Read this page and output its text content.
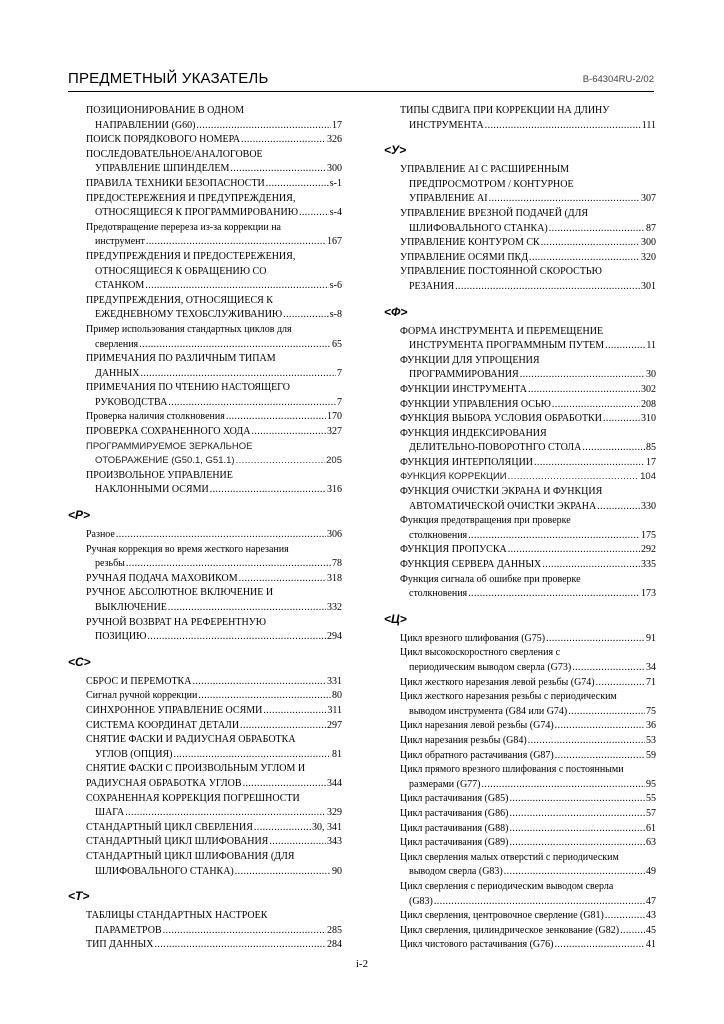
ПРЕДМЕТНЫЙ УКАЗАТЕЛЬ	B-64304RU-2/02
ПОЗИЦИОНИРОВАНИЕ В ОДНОМ
НАПРАВЛЕНИИ (G60) .....	17
ПОИСК ПОРЯДКОВОГО НОМЕРА .....	326
ПОСЛЕДОВАТЕЛЬНОЕ/АНАЛОГОВОЕ
УПРАВЛЕНИЕ ШПИНДЕЛЕМ .....	300
ПРАВИЛА ТЕХНИКИ БЕЗОПАСНОСТИ .....	s-1
ПРЕДОСТЕРЕЖЕНИЯ И ПРЕДУПРЕЖДЕНИЯ,
ОТНОСЯЩИЕСЯ К ПРОГРАММИРОВАНИЮ .....	s-4
Предотвращение перереза из-за коррекции на
инструмент .....	167
ПРЕДУПРЕЖДЕНИЯ И ПРЕДОСТЕРЕЖЕНИЯ,
ОТНОСЯЩИЕСЯ К ОБРАЩЕНИЮ СО
СТАНКОМ .....	s-6
ПРЕДУПРЕЖДЕНИЯ, ОТНОСЯЩИЕСЯ К
ЕЖЕДНЕВНОМУ ТЕХОБСЛУЖИВАНИЮ .....	s-8
Пример использования стандартных циклов для
сверления .....	65
ПРИМЕЧАНИЯ ПО РАЗЛИЧНЫМ ТИПАМ
ДАННЫХ .....	7
ПРИМЕЧАНИЯ ПО ЧТЕНИЮ НАСТОЯЩЕГО
РУКОВОДСТВА .....	7
Проверка наличия столкновения .....	170
ПРОВЕРКА СОХРАНЕННОГО ХОДА .....	327
ПРОГРАММИРУЕМОЕ ЗЕРКАЛЬНОЕ
ОТОБРАЖЕНИЕ (G50.1, G51.1) .....	205
ПРОИЗВОЛЬНОЕ УПРАВЛЕНИЕ
НАКЛОННЫМИ ОСЯМИ .....	316
<Р>
Разное .....	306
Ручная коррекция во время жесткого нарезания
резьбы .....	78
РУЧНАЯ ПОДАЧА МАХОВИКОМ .....	318
РУЧНОЕ АБСОЛЮТНОЕ ВКЛЮЧЕНИЕ И
ВЫКЛЮЧЕНИЕ .....	332
РУЧНОЙ ВОЗВРАТ НА РЕФЕРЕНТНУЮ
ПОЗИЦИЮ .....	294
<С>
СБРОС И ПЕРЕМОТКА .....	331
Сигнал ручной коррекции .....	80
СИНХРОННОЕ УПРАВЛЕНИЕ ОСЯМИ .....	311
СИСТЕМА КООРДИНАТ ДЕТАЛИ .....	297
СНЯТИЕ ФАСКИ И РАДИУСНАЯ ОБРАБОТКА
УГЛОВ (ОПЦИЯ) .....	81
СНЯТИЕ ФАСКИ С ПРОИЗВОЛЬНЫМ УГЛОМ И
РАДИУСНАЯ ОБРАБОТКА УГЛОВ .....	344
СОХРАНЕННАЯ КОРРЕКЦИЯ ПОГРЕШНОСТИ
ШАГА .....	329
СТАНДАРТНЫЙ ЦИКЛ СВЕРЛЕНИЯ .....	30, 341
СТАНДАРТНЫЙ ЦИКЛ ШЛИФОВАНИЯ .....	343
СТАНДАРТНЫЙ ЦИКЛ ШЛИФОВАНИЯ (ДЛЯ
ШЛИФОВАЛЬНОГО СТАНКА) .....	90
<Т>
ТАБЛИЦЫ СТАНДАРТНЫХ НАСТРОЕК
ПАРАМЕТРОВ .....	285
ТИП ДАННЫХ .....	284
ТИПЫ СДВИГА ПРИ КОРРЕКЦИИ НА ДЛИНУ
ИНСТРУМЕНТА .....	111
<У>
УПРАВЛЕНИЕ AI С РАСШИРЕННЫМ
ПРЕДПРОСМОТРОМ / КОНТУРНОЕ
УПРАВЛЕНИЕ AI .....	307
УПРАВЛЕНИЕ ВРЕЗНОЙ ПОДАЧЕЙ (ДЛЯ
ШЛИФОВАЛЬНОГО СТАНКА) .....	87
УПРАВЛЕНИЕ КОНТУРОМ СК .....	300
УПРАВЛЕНИЕ ОСЯМИ ПКД .....	320
УПРАВЛЕНИЕ ПОСТОЯННОЙ СКОРОСТЬЮ
РЕЗАНИЯ .....	301
<Ф>
ФОРМА ИНСТРУМЕНТА И ПЕРЕМЕЩЕНИЕ
ИНСТРУМЕНТА ПРОГРАММНЫМ ПУТЕМ .....	11
ФУНКЦИИ ДЛЯ УПРОЩЕНИЯ
ПРОГРАММИРОВАНИЯ .....	30
ФУНКЦИИ ИНСТРУМЕНТА .....	302
ФУНКЦИИ УПРАВЛЕНИЯ ОСЬЮ .....	208
ФУНКЦИЯ ВЫБОРА УСЛОВИЯ ОБРАБОТКИ .....	310
ФУНКЦИЯ ИНДЕКСИРОВАНИЯ
ДЕЛИТЕЛЬНО-ПОВОРОТНГО СТОЛА .....	85
ФУНКЦИЯ ИНТЕРПОЛЯЦИИ .....	17
ФУНКЦИЯ КОРРЕКЦИИ .....	104
ФУНКЦИЯ ОЧИСТКИ ЭКРАНА И ФУНКЦИЯ
АВТОМАТИЧЕСКОЙ ОЧИСТКИ ЭКРАНА .....	330
Функция предотвращения при проверке
столкновения .....	175
ФУНКЦИЯ ПРОПУСКА .....	292
ФУНКЦИЯ СЕРВЕРА ДАННЫХ .....	335
Функция сигнала об ошибке при проверке
столкновения .....	173
<Ц>
Цикл врезного шлифования (G75) .....	91
Цикл высокоскоростного сверления с
периодическим выводом сверла (G73) .....	34
Цикл жесткого нарезания левой резьбы (G74) .....	71
Цикл жесткого нарезания резьбы с периодическим
выводом инструмента (G84 или G74) .....	75
Цикл нарезания левой резьбы (G74) .....	36
Цикл нарезания резьбы (G84) .....	53
Цикл обратного растачивания (G87) .....	59
Цикл прямого врезного шлифования с постоянными
размерами (G77) .....	95
Цикл растачивания (G85) .....	55
Цикл растачивания (G86) .....	57
Цикл растачивания (G88) .....	61
Цикл растачивания (G89) .....	63
Цикл сверления малых отверстий с периодическим
выводом сверла (G83) .....	49
Цикл сверления с периодическим выводом сверла
(G83) .....	47
Цикл сверления, центровочное сверление (G81) .....	43
Цикл сверления, цилиндрическое зенкование (G82) .....	45
Цикл чистового растачивания (G76) .....	41
i-2
